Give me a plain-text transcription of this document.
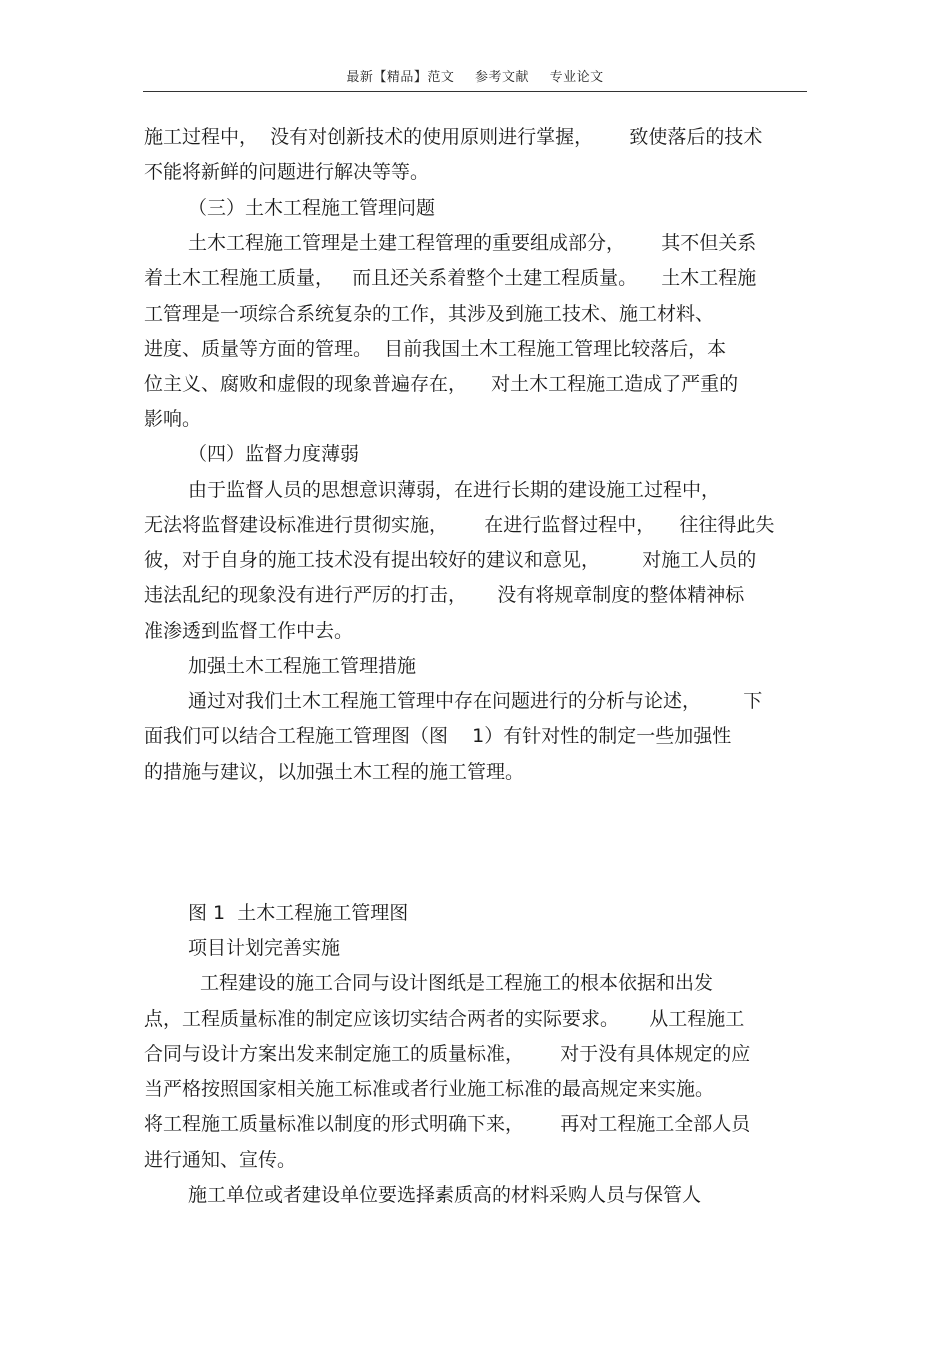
最新【精品】范文 参考文献 专业论文
施工过程中，  没有对创新技术的使用原则进行掌握，      致使落后的技术
不能将新鲜的问题进行解决等等。
（三）土木工程施工管理问题
土木工程施工管理是土建工程管理的重要组成部分，      其不但关系
着土木工程施工质量，   而且还关系着整个土建工程质量。    土木工程施
工管理是一项综合系统复杂的工作，其涉及到施工技术、施工材料、
进度、质量等方面的管理。  目前我国土木工程施工管理比较落后，本
位主义、腐败和虚假的现象普遍存在，    对土木工程施工造成了严重的
影响。
（四）监督力度薄弱
由于监督人员的思想意识薄弱，在进行长期的建设施工过程中，
无法将监督建设标准进行贯彻实施，      在进行监督过程中，    往往得此失
彼，对于自身的施工技术没有提出较好的建议和意见，       对施工人员的
违法乱纪的现象没有进行严厉的打击，     没有将规章制度的整体精神标
准渗透到监督工作中去。
加强土木工程施工管理措施
通过对我们土木工程施工管理中存在问题进行的分析与论述，       下
面我们可以结合工程施工管理图（图    1）有针对性的制定一些加强性
的措施与建议，以加强土木工程的施工管理。
图 1  土木工程施工管理图
项目计划完善实施
工程建设的施工合同与设计图纸是工程施工的根本依据和出发
点，工程质量标准的制定应该切实结合两者的实际要求。     从工程施工
合同与设计方案出发来制定施工的质量标准，      对于没有具体规定的应
当严格按照国家相关施工标准或者行业施工标准的最高规定来实施。
将工程施工质量标准以制度的形式明确下来，      再对工程施工全部人员
进行通知、宣传。
施工单位或者建设单位要选择素质高的材料采购人员与保管人
